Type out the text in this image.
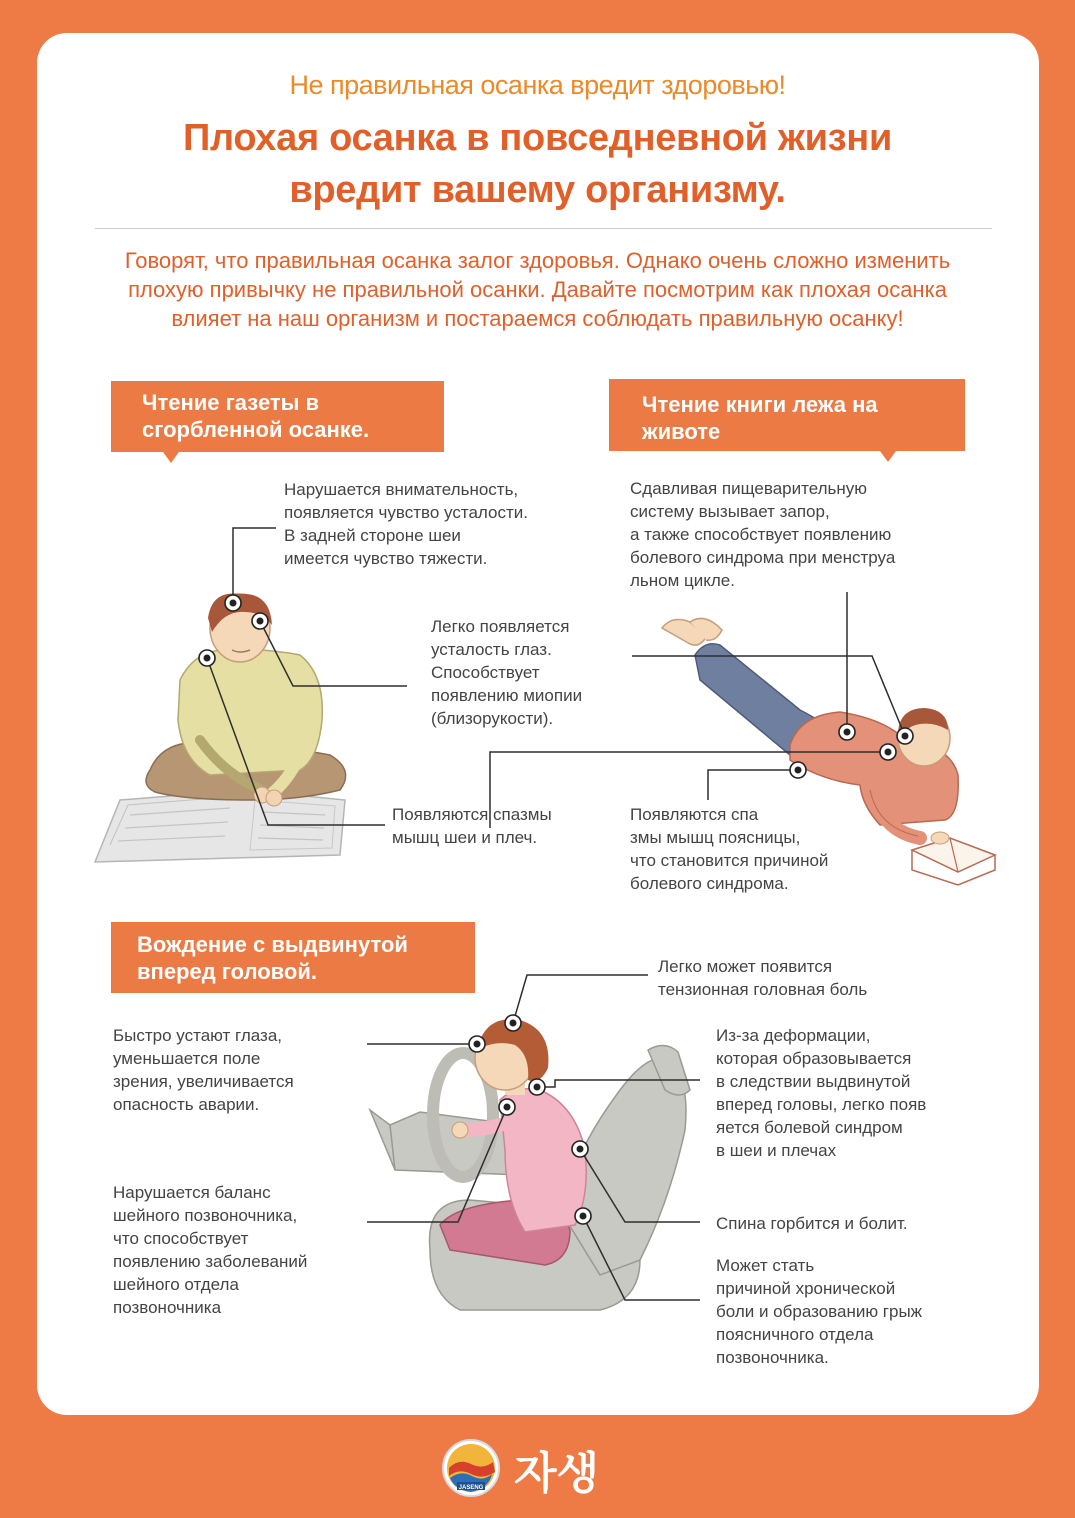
Не правильная осанка вредит здоровью!
Плохая осанка в повседневной жизни
вредит вашему организму.
Говорят, что правильная осанка залог здоровья. Однако очень сложно изменить
плохую привычку не правильной осанки. Давайте посмотрим как плохая осанка
влияет на наш организм и постараемся соблюдать правильную осанку!
Чтение газеты в
сгорбленной осанке.
Нарушается внимательность,
появляется чувство усталости.
В задней стороне шеи
имеется чувство тяжести.
Легко появляется
усталость глаз.
Способствует
появлению миопии
(близорукости).
Появляются спазмы
мышц шеи и плеч.
Чтение книги лежа на
животе
Сдавливая пищеварительную
систему вызывает запор,
а также способствует появлению
болевого синдрома при менструа
льном цикле.
Появляются спа
змы мышц поясницы,
что становится причиной
болевого синдрома.
Вождение с выдвинутой
вперед головой.	Легко может появится
тензионная головная боль
Быстро устают глаза,
уменьшается поле
зрения, увеличивается
опасность аварии.
Из-за деформации,
которая образовывается
в следствии выдвинутой
вперед головы, легко появ
яется болевой синдром
в шеи и плечах
Нарушается баланс
шейного позвоночника,
что способствует
появлению заболеваний
шейного отдела
позвоночника
Спина горбится и болит.
Может стать
причиной хронической
боли и образованию грыж
поясничного отдела
позвоночника.
JASENG 자생
